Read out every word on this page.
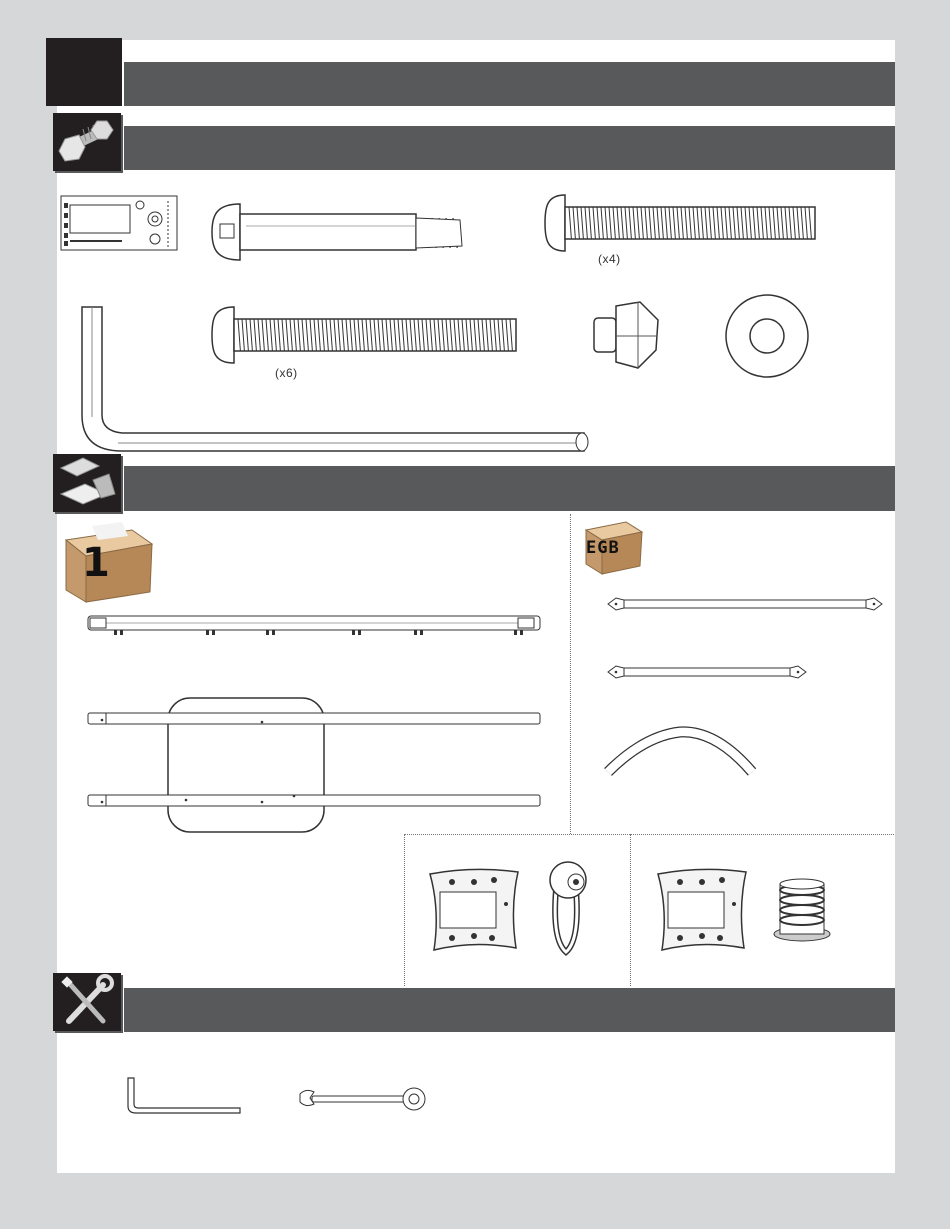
(x4)
(x6)
1	EGB
